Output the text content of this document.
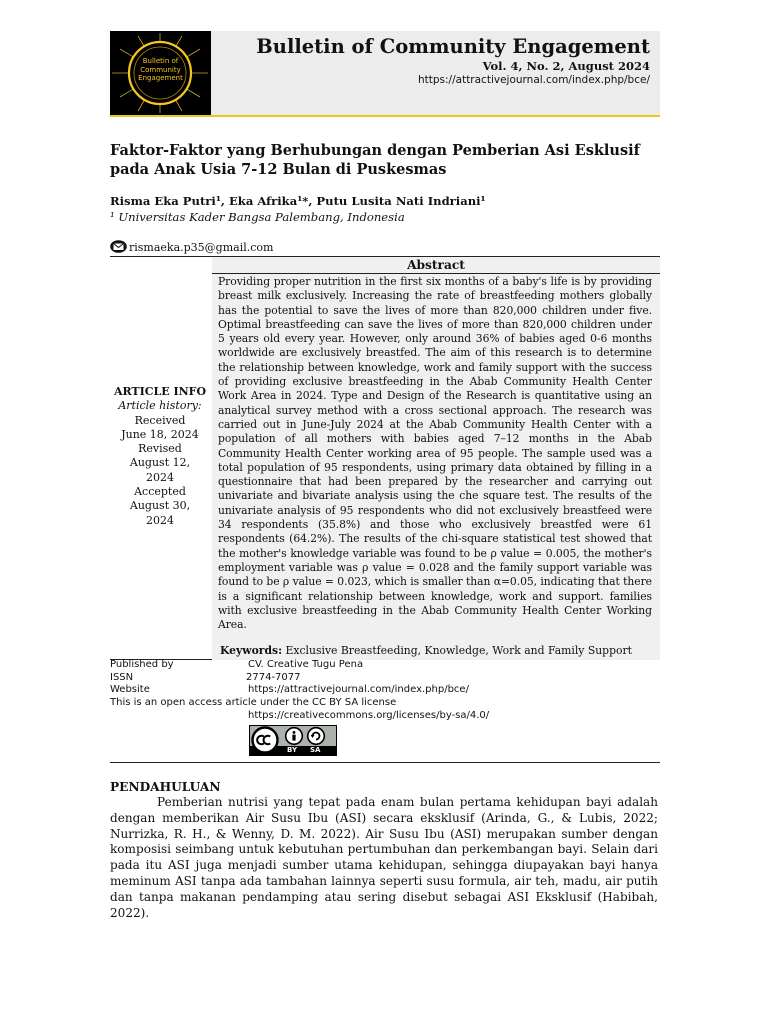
Bulletin of
Community
Engagement
Bulletin of Community Engagement
Vol. 4, No. 2, August 2024
https://attractivejournal.com/index.php/bce/
Faktor-Faktor yang Berhubungan dengan Pemberian Asi Esklusif pada Anak Usia 7-12 Bulan di Puskesmas
Risma Eka Putri¹, Eka Afrika¹*, Putu Lusita Nati Indriani¹
¹ Universitas Kader Bangsa Palembang, Indonesia
rismaeka.p35@gmail.com
ARTICLE INFO
Article history:
Received
June 18, 2024
Revised
August 12,
2024
Accepted
August 30,
2024
Abstract
Providing proper nutrition in the first six months of a baby's life is by providing breast milk exclusively. Increasing the rate of breastfeeding mothers globally has the potential to save the lives of more than 820,000 children under five. Optimal breastfeeding can save the lives of more than 820,000 children under 5 years old every year. However, only around 36% of babies aged 0-6 months worldwide are exclusively breastfed. The aim of this research is to determine the relationship between knowledge, work and family support with the success of providing exclusive breastfeeding in the Abab Community Health Center Work Area in 2024. Type and Design of the Research is quantitative using an analytical survey method with a cross sectional approach. The research was carried out in June-July 2024 at the Abab Community Health Center with a population of all mothers with babies aged 7–12 months in the Abab Community Health Center working area of 95 people. The sample used was a total population of 95 respondents, using primary data obtained by filling in a questionnaire that had been prepared by the researcher and carrying out univariate and bivariate analysis using the che square test. The results of the univariate analysis of 95 respondents who did not exclusively breastfeed were 34 respondents (35.8%) and those who exclusively breastfed were 61 respondents (64.2%). The results of the chi-square statistical test showed that the mother's knowledge variable was found to be ρ value = 0.005, the mother's employment variable was ρ value = 0.028 and the family support variable was found to be ρ value = 0.023, which is smaller than α=0.05, indicating that there is a significant relationship between knowledge, work and support. families with exclusive breastfeeding in the Abab Community Health Center Working Area.
Keywords: Exclusive Breastfeeding, Knowledge, Work and Family Support
Published by	CV. Creative Tugu Pena
ISSN	2774-7077
Website	https://attractivejournal.com/index.php/bce/
This is an open access article under the CC BY SA license
https://creativecommons.org/licenses/by-sa/4.0/
BY SA
PENDAHULUAN
Pemberian nutrisi yang tepat pada enam bulan pertama kehidupan bayi adalah dengan memberikan Air Susu Ibu (ASI) secara eksklusif (Arinda, G., & Lubis, 2022; Nurrizka, R. H., & Wenny, D. M. 2022). Air Susu Ibu (ASI) merupakan sumber dengan komposisi seimbang untuk kebutuhan pertumbuhan dan perkembangan bayi. Selain dari pada itu ASI juga menjadi sumber utama kehidupan, sehingga diupayakan bayi hanya meminum ASI tanpa ada tambahan lainnya seperti susu formula, air teh, madu, air putih dan tanpa makanan pendamping atau sering disebut sebagai ASI Eksklusif (Habibah, 2022).
